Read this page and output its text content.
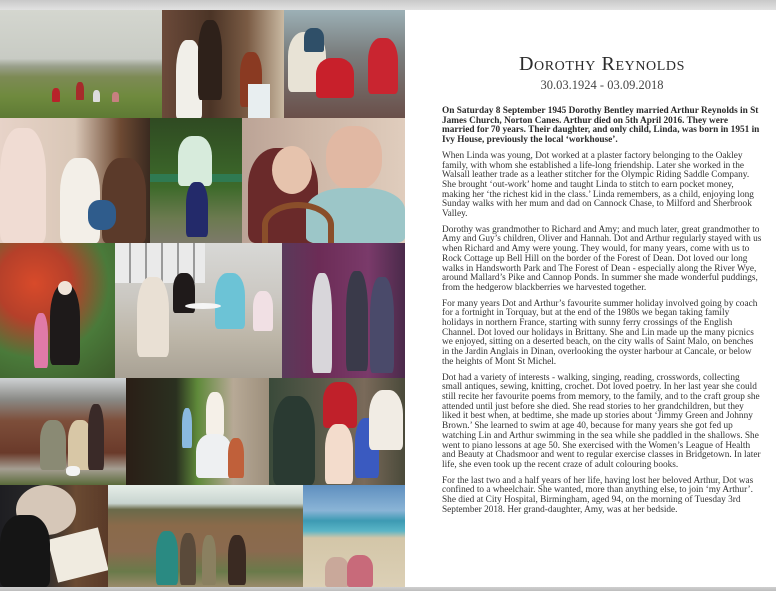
Dorothy Reynolds
30.03.1924 - 03.09.2018

On Saturday 8 September 1945 Dorothy Bentley married Arthur Reynolds in St James Church, Norton Canes. Arthur died on 5th April 2016. They were married for 70 years. Their daughter, and only child, Linda, was born in 1951 in Ivy House, previously the local ‘workhouse’.

When Linda was young, Dot worked at a plaster factory belonging to the Oakley family, with whom she established a life-long friendship. Later she worked in the Walsall leather trade as a leather stitcher for the Olympic Riding Saddle Company. She brought ‘out-work’ home and taught Linda to stitch to earn pocket money, making her ‘the richest kid in the class.’ Linda remembers, as a child, enjoying long Sunday walks with her mum and dad on Cannock Chase, to Milford and Sherbrook Valley.

Dorothy was grandmother to Richard and Amy; and much later, great grandmother to Amy and Guy’s children, Oliver and Hannah. Dot and Arthur regularly stayed with us when Richard and Amy were young. They would, for many years, come with us to Rock Cottage up Bell Hill on the border of the Forest of Dean. Dot loved our long walks in Handsworth Park and The Forest of Dean - especially along the River Wye, around Mallard’s Pike and Cannop Ponds. In summer she made wonderful puddings, from the hedgerow blackberries we harvested together.

For many years Dot and Arthur’s favourite summer holiday involved going by coach for a fortnight in Torquay, but at the end of the 1980s we began taking family holidays in northern France, starting with sunny ferry crossings of the English Channel. Dot loved our holidays in Brittany. She and Lin made up the many picnics we enjoyed, sitting on a deserted beach, on the city walls of Saint Malo, on benches in the Jardin Anglais in Dinan, overlooking the oyster harbour at Cancale, or below the heights of Mont St Michel.

Dot had a variety of interests - walking, singing, reading, crosswords, collecting small antiques, sewing, knitting, crochet. Dot loved poetry. In her last year she could still recite her favourite poems from memory, to the family, and to the craft group she attended until just before she died. She read stories to her grandchildren, but they liked it best when, at bedtime, she made up stories about ‘Jimmy Green and Johnny Brown.’ She learned to swim at age 40, because for many years she got fed up watching Lin and Arthur swimming in the sea while she paddled in the shallows. She went to piano lessons at age 50. She exercised with the Women’s League of Health and Beauty at Chadsmoor and went to regular exercise classes in Bridgetown. In later life, she even took up the recent craze of adult colouring books.

For the last two and a half years of her life, having lost her beloved Arthur, Dot was confined to a wheelchair. She wanted, more than anything else, to join ‘my Arthur’. She died at City Hospital, Birmingham, aged 94, on the morning of Tuesday 3rd September 2018. Her grand-daughter, Amy, was at her bedside.
